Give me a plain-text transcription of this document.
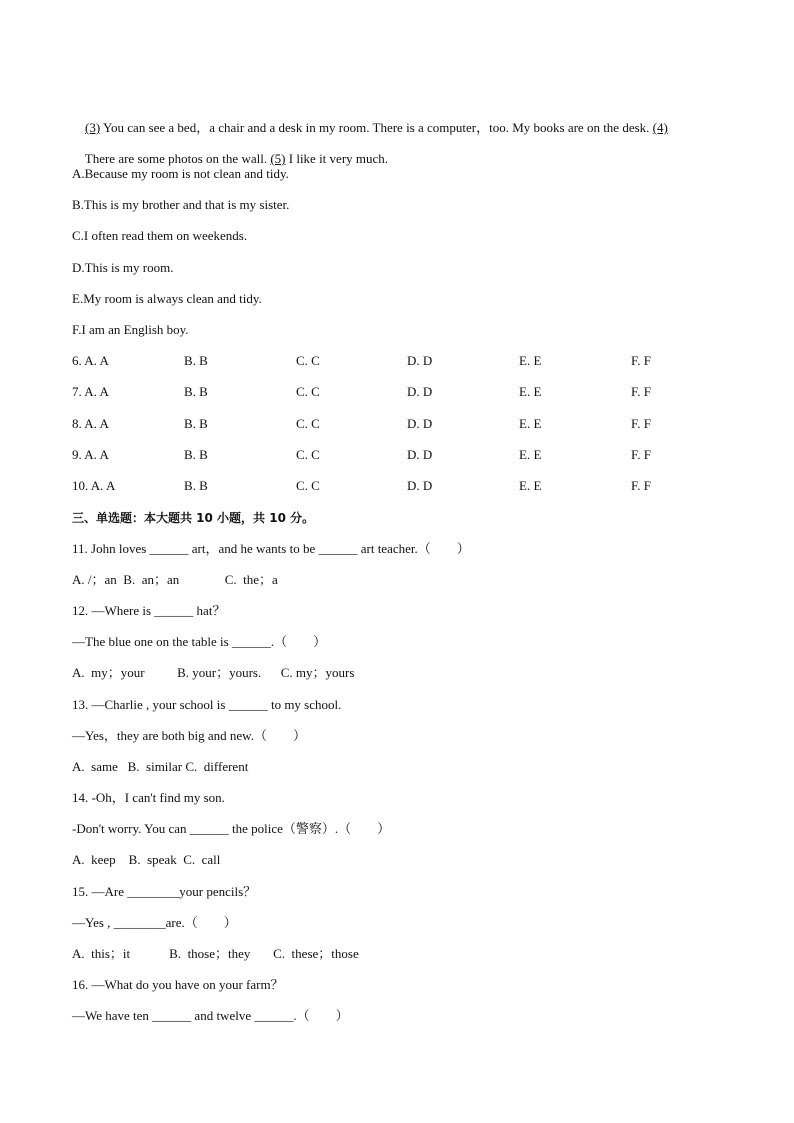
(3) You can see a bed，a chair and a desk in my room. There is a computer，too. My books are on the desk. (4)

There are some photos on the wall. (5) I like it very much.

A.Because my room is not clean and tidy.
B.This is my brother and that is my sister.
C.I often read them on weekends.
D.This is my room.
E.My room is always clean and tidy.
F.I am an English boy.
6. A. A	B. B	C. C	D. D	E. E	F. F
7. A. A	B. B	C. C	D. D	E. E	F. F
8. A. A	B. B	C. C	D. D	E. E	F. F
9. A. A	B. B	C. C	D. D	E. E	F. F
10. A. A	B. B	C. C	D. D	E. E	F. F
三、单选题：本大题共 10 小题，共 10 分。
11. John loves ______ art，and he wants to be ______ art teacher.（　　）
A. /；an  B.  an；an              C.  the；a
12. —Where is ______ hat？
—The blue one on the table is ______.（　　）
A.  my；your          B. your；yours.      C. my；yours
13. —Charlie , your school is ______ to my school.
—Yes，they are both big and new.（　　）
A.  same   B.  similar C.  different
14. -Oh，I can't find my son.
-Don't worry. You can ______ the police（警察）.（　　）
A.  keep    B.  speak  C.  call
15. —Are ________your pencils？
—Yes , ________are.（　　）
A.  this；it            B.  those；they       C.  these；those
16. —What do you have on your farm？
—We have ten ______ and twelve ______.（　　）
